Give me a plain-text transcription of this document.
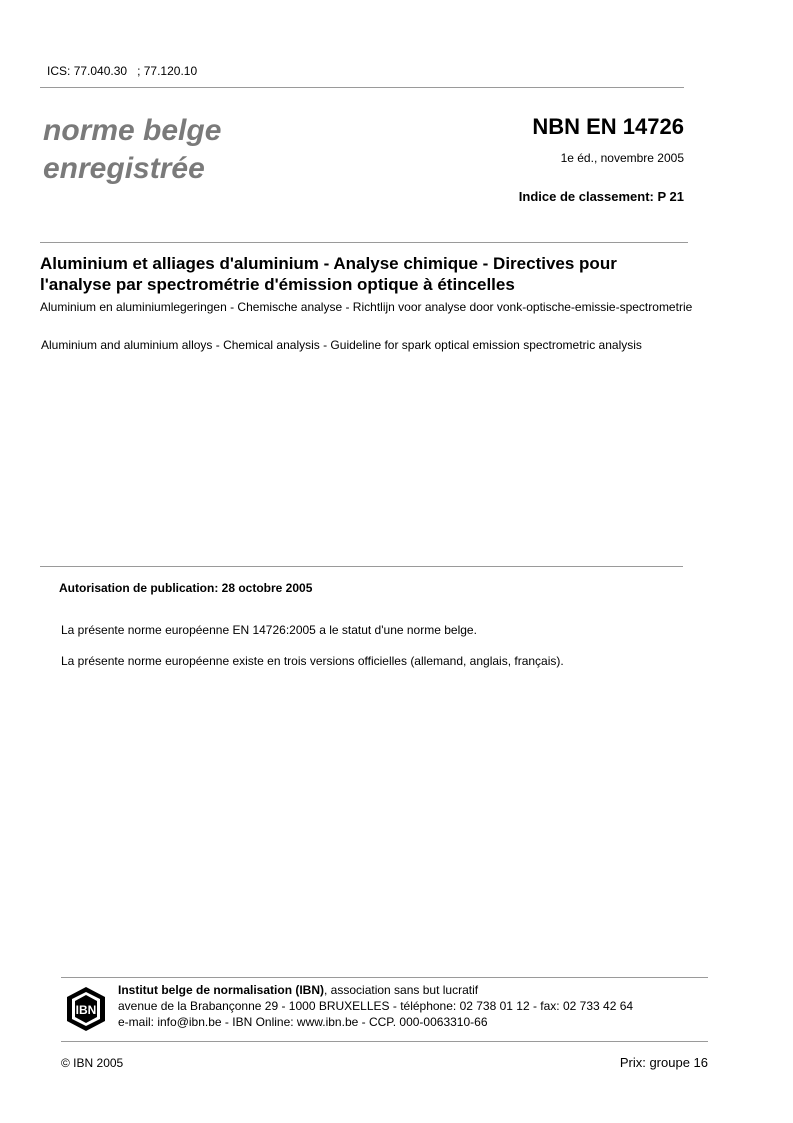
ICS: 77.040.30 ; 77.120.10
norme belge
enregistrée
NBN EN 14726
1e éd., novembre 2005
Indice de classement: P 21
Aluminium et alliages d'aluminium - Analyse chimique - Directives pour l'analyse par spectrométrie d'émission optique à étincelles
Aluminium en aluminiumlegeringen - Chemische analyse - Richtlijn voor analyse door vonk-optische-emissie-spectrometrie
Aluminium and aluminium alloys - Chemical analysis - Guideline for spark optical emission spectrometric analysis
Autorisation de publication: 28 octobre 2005
La présente norme européenne EN 14726:2005 a le statut d'une norme belge.
La présente norme européenne existe en trois versions officielles (allemand, anglais, français).
IBN
Institut belge de normalisation (IBN), association sans but lucratif
avenue de la Brabançonne 29 - 1000 BRUXELLES - téléphone: 02 738 01 12 - fax: 02 733 42 64
e-mail: info@ibn.be - IBN Online: www.ibn.be - CCP. 000-0063310-66
© IBN 2005	Prix: groupe 16
